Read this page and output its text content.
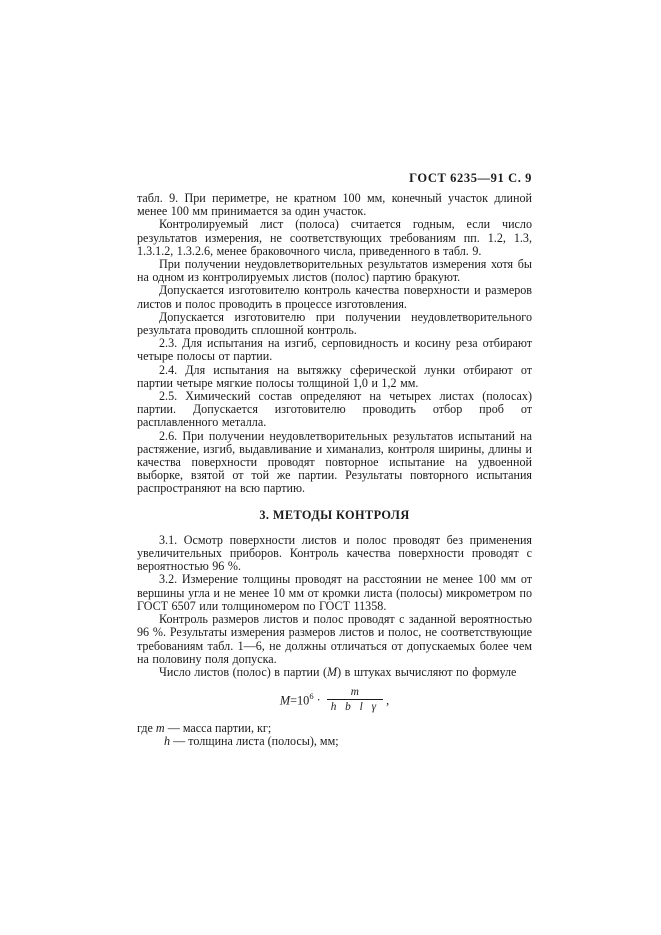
ГОСТ 6235—91 С. 9

табл. 9. При периметре, не кратном 100 мм, конечный участок длиной менее 100 мм принимается за один участок.

Контролируемый лист (полоса) считается годным, если число результатов измерения, не соответствующих требованиям пп. 1.2, 1.3, 1.3.1.2, 1.3.2.6, менее браковочного числа, приведенного в табл. 9.

При получении неудовлетворительных результатов измерения хотя бы на одном из контролируемых листов (полос) партию бракуют.

Допускается изготовителю контроль качества поверхности и размеров листов и полос проводить в процессе изготовления.

Допускается изготовителю при получении неудовлетворительного результата проводить сплошной контроль.

2.3. Для испытания на изгиб, серповидность и косину реза отбирают четыре полосы от партии.

2.4. Для испытания на вытяжку сферической лунки отбирают от партии четыре мягкие полосы толщиной 1,0 и 1,2 мм.

2.5. Химический состав определяют на четырех листах (полосах) партии. Допускается изготовителю проводить отбор проб от расплавленного металла.

2.6. При получении неудовлетворительных результатов испытаний на растяжение, изгиб, выдавливание и химанализ, контроля ширины, длины и качества поверхности проводят повторное испытание на удвоенной выборке, взятой от той же партии. Результаты повторного испытания распространяют на всю партию.

3. МЕТОДЫ КОНТРОЛЯ

3.1. Осмотр поверхности листов и полос проводят без применения увеличительных приборов. Контроль качества поверхности проводят с вероятностью 96 %.

3.2. Измерение толщины проводят на расстоянии не менее 100 мм от вершины угла и не менее 10 мм от кромки листа (полосы) микрометром по ГОСТ 6507 или толщиномером по ГОСТ 11358.

Контроль размеров листов и полос проводят с заданной вероятностью 96 %. Результаты измерения размеров листов и полос, не соответствующие требованиям табл. 1—6, не должны отличаться от допускаемых более чем на половину поля допуска.

Число листов (полос) в партии (M) в штуках вычисляют по формуле

$M=10^6 \cdot \frac{m}{\text{h b l γ}}$ ,

где m — масса партии, кг;

h — толщина листа (полосы), мм;
